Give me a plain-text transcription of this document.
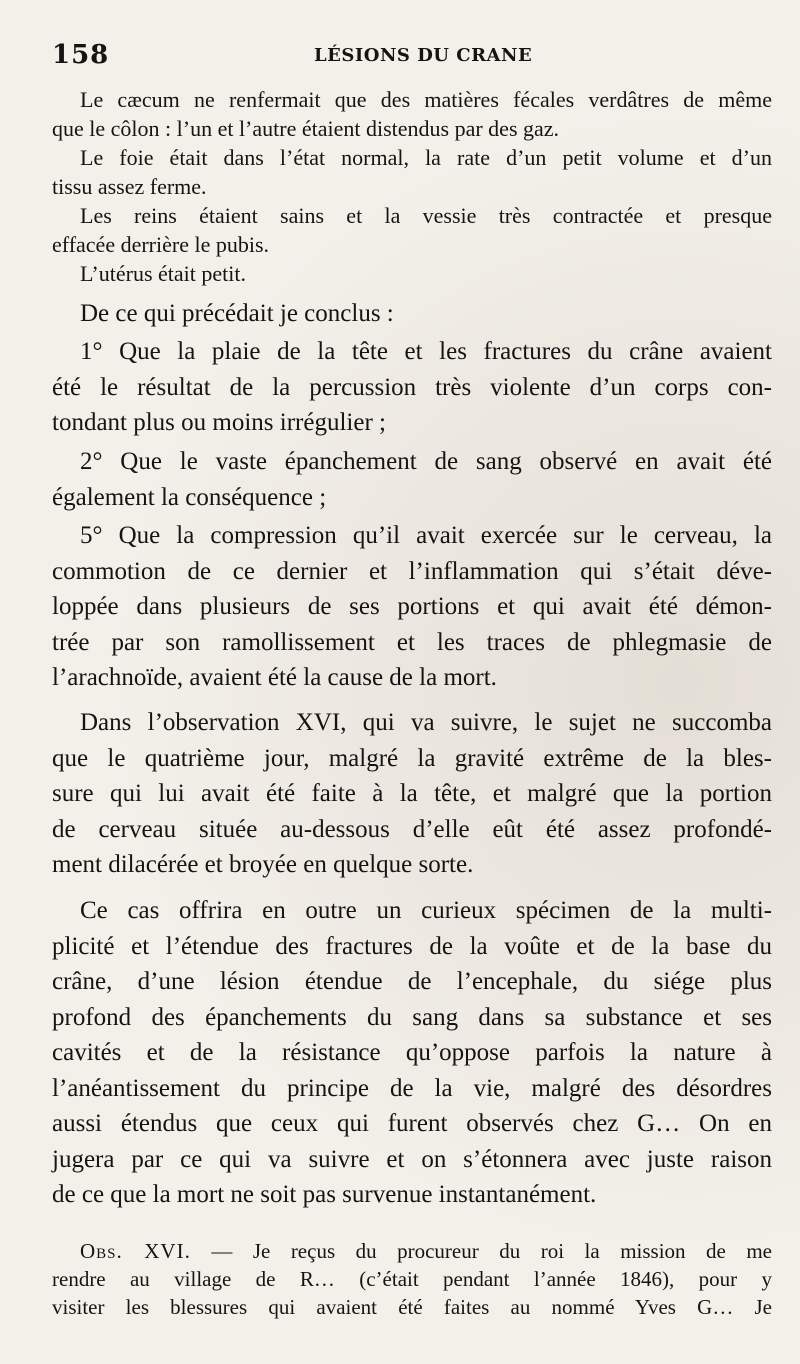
158	LÉSIONS DU CRANE
Le cæcum ne renfermait que des matières fécales verdâtres de même
que le côlon : l’un et l’autre étaient distendus par des gaz.
Le foie était dans l’état normal, la rate d’un petit volume et d’un
tissu assez ferme.
Les reins étaient sains et la vessie très contractée et presque
effacée derrière le pubis.
L’utérus était petit.
De ce qui précédait je conclus :
1° Que la plaie de la tête et les fractures du crâne avaient
été le résultat de la percussion très violente d’un corps con-
tondant plus ou moins irrégulier ;
2° Que le vaste épanchement de sang observé en avait été
également la conséquence ;
5° Que la compression qu’il avait exercée sur le cerveau, la
commotion de ce dernier et l’inflammation qui s’était déve-
loppée dans plusieurs de ses portions et qui avait été démon-
trée par son ramollissement et les traces de phlegmasie de
l’arachnoïde, avaient été la cause de la mort.
Dans l’observation XVI, qui va suivre, le sujet ne succomba
que le quatrième jour, malgré la gravité extrême de la bles-
sure qui lui avait été faite à la tête, et malgré que la portion
de cerveau située au-dessous d’elle eût été assez profondé-
ment dilacérée et broyée en quelque sorte.
Ce cas offrira en outre un curieux spécimen de la multi-
plicité et l’étendue des fractures de la voûte et de la base du
crâne, d’une lésion étendue de l’encephale, du siége plus
profond des épanchements du sang dans sa substance et ses
cavités et de la résistance qu’oppose parfois la nature à
l’anéantissement du principe de la vie, malgré des désordres
aussi étendus que ceux qui furent observés chez G… On en
jugera par ce qui va suivre et on s’étonnera avec juste raison
de ce que la mort ne soit pas survenue instantanément.
Obs. XVI. — Je reçus du procureur du roi la mission de me
rendre au village de R… (c’était pendant l’année 1846), pour y
visiter les blessures qui avaient été faites au nommé Yves G… Je
